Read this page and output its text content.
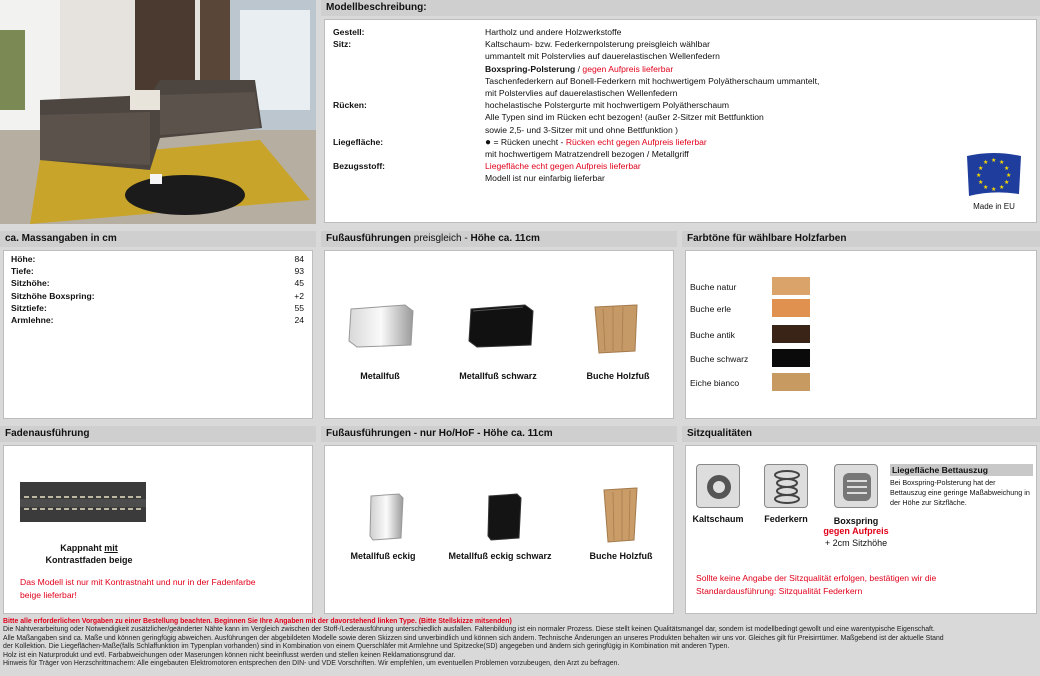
Modellbeschreibung:
Gestell:	Hartholz und andere Holzwerkstoffe
Sitz:	Kaltschaum- bzw. Federkernpolsterung preisgleich wählbar
ummantelt mit Polstervlies auf dauerelastischen Wellenfedern
Boxspring-Polsterung / gegen Aufpreis lieferbar
Taschenfederkern auf Bonell-Federkern mit hochwertigem Polyätherschaum ummantelt,
mit Polstervlies auf dauerelastischen Wellenfedern
Rücken:	hochelastische Polstergurte mit hochwertigem Polyätherschaum
Alle Typen sind im Rücken echt bezogen! (außer 2-Sitzer mit Bettfunktion
sowie 2,5- und 3-Sitzer mit und ohne Bettfunktion )
Liegefläche:	● = Rücken unecht - Rücken echt gegen Aufpreis lieferbar
mit hochwertigem Matratzendrell bezogen / Metallgriff
Bezugsstoff:	Liegefläche echt gegen Aufpreis lieferbar
Modell ist nur einfarbig lieferbar
★ ★
★
★
★
★
★
★
★
★
★
★
Made in EU
ca. Massangaben in cm
Höhe:	84
Tiefe:	93
Sitzhöhe:	45
Sitzhöhe Boxspring:	+2
Sitztiefe:	55
Armlehne:	24
Fußausführungen preisgleich - Höhe ca. 11cm
Metallfuß	Metallfuß schwarz	Buche Holzfuß
Farbtöne für wählbare Holzfarben
Buche natur
Buche erle
Buche antik
Buche schwarz
Eiche bianco
Fadenausführung
Kappnaht mit
Kontrastfaden beige
Das Modell ist nur mit Kontrastnaht und nur in der Fadenfarbe beige lieferbar!
Fußausführungen - nur Ho/HoF - Höhe ca. 11cm
Metallfuß eckig	Metallfuß eckig schwarz	Buche Holzfuß
Sitzqualitäten
Kaltschaum	Federkern	Boxspring
gegen Aufpreis
+ 2cm Sitzhöhe
Liegefläche Bettauszug
Bei Boxspring-Polsterung hat der Bettauszug eine geringe Maßabweichung in der Höhe zur Sitzfläche.
Sollte keine Angabe der Sitzqualität erfolgen, bestätigen wir die Standardausführung: Sitzqualität Federkern
Bitte alle erforderlichen Vorgaben zu einer Bestellung beachten. Beginnen Sie Ihre Angaben mit der davorstehend linken Type. (Bitte Stellskizze mitsenden)
Die Nahtverarbeitung oder Notwendigkeit zusätzlicher/geänderter Nähte kann im Vergleich zwischen der Stoff-/Lederausführung unterschiedlich ausfallen. Faltenbildung ist ein normaler Prozess. Diese stellt keinen Qualitätsmangel dar, sondern ist modellbedingt gewollt und eine warentypische Eigenschaft.
Alle Maßangaben sind ca. Maße und können geringfügig abweichen. Ausführungen der abgebildeten Modelle sowie deren Skizzen sind unverbindlich und können sich ändern. Technische Änderungen an unseres Produkten behalten wir uns vor. Gleiches gilt für Preisirrtümer. Maßgebend ist der aktuelle Stand
der Kollektion. Die Liegeflächen-Maße(falls Schlaffunktion im Typenplan vorhanden) sind in Kombination von einem Querschläfer mit Armlehne und Spitzecke(SD) angegeben und ändern sich geringfügig in Kombination mit anderen Typen.
Holz ist ein Naturprodukt und evtl. Farbabweichungen oder Maserungen können nicht beeinflusst werden und stellen keinen Reklamationsgrund dar.
Hinweis für Träger von Herzschrittmachern: Alle eingebauten Elektromotoren entsprechen den DIN- und VDE Vorschriften. Wir empfehlen, um eventuellen Problemen vorzubeugen, den Arzt zu befragen.
